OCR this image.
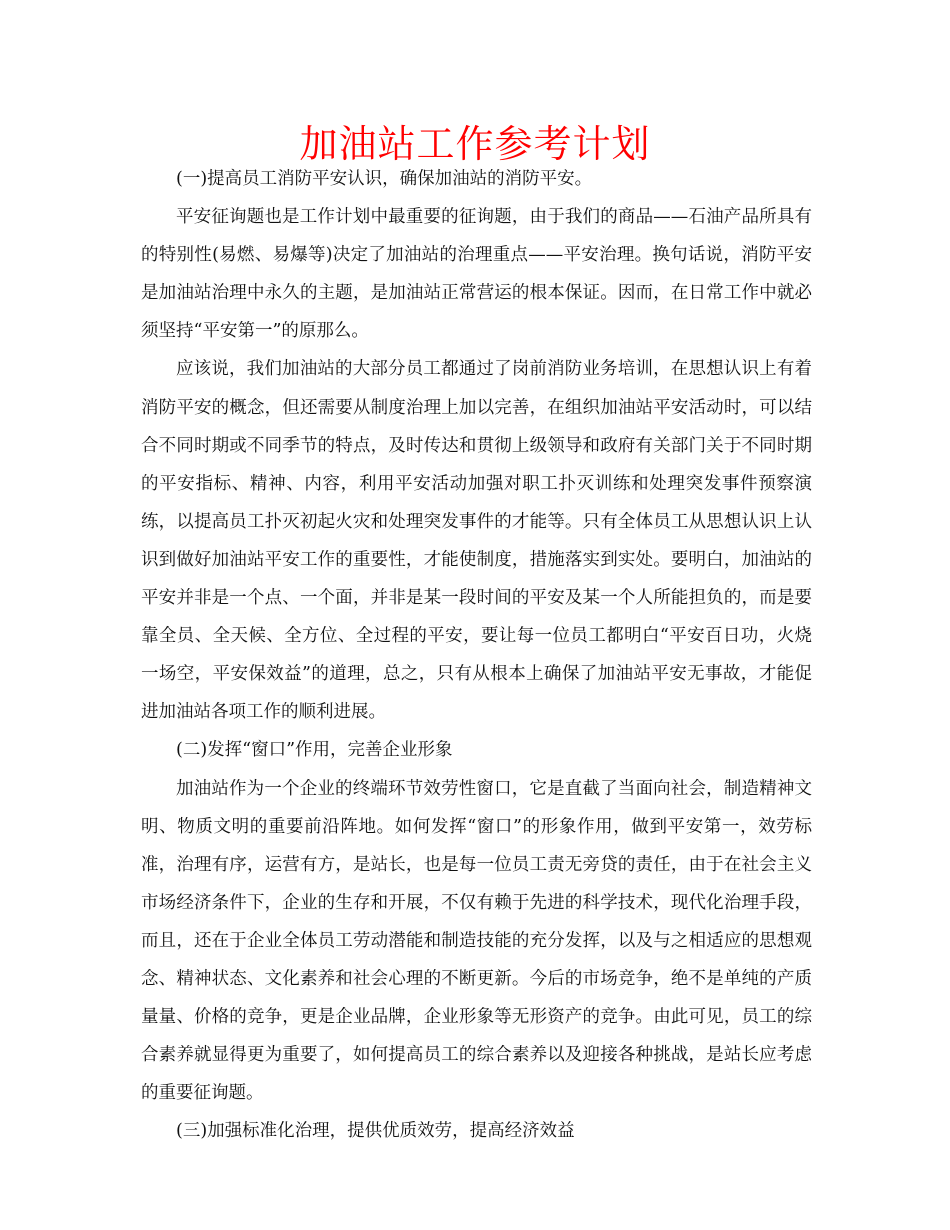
加油站工作参考计划

(一)提高员工消防平安认识，确保加油站的消防平安。

平安征询题也是工作计划中最重要的征询题，由于我们的商品——石油产品所具有的特别性(易燃、易爆等)决定了加油站的治理重点——平安治理。换句话说，消防平安是加油站治理中永久的主题，是加油站正常营运的根本保证。因而，在日常工作中就必须坚持“平安第一”的原那么。

应该说，我们加油站的大部分员工都通过了岗前消防业务培训，在思想认识上有着消防平安的概念，但还需要从制度治理上加以完善，在组织加油站平安活动时，可以结合不同时期或不同季节的特点，及时传达和贯彻上级领导和政府有关部门关于不同时期的平安指标、精神、内容，利用平安活动加强对职工扑灭训练和处理突发事件预察演练，以提高员工扑灭初起火灾和处理突发事件的才能等。只有全体员工从思想认识上认识到做好加油站平安工作的重要性，才能使制度，措施落实到实处。要明白，加油站的平安并非是一个点、一个面，并非是某一段时间的平安及某一个人所能担负的，而是要靠全员、全天候、全方位、全过程的平安，要让每一位员工都明白“平安百日功，火烧一场空，平安保效益”的道理，总之，只有从根本上确保了加油站平安无事故，才能促进加油站各项工作的顺利进展。

(二)发挥“窗口”作用，完善企业形象

加油站作为一个企业的终端环节效劳性窗口，它是直截了当面向社会，制造精神文明、物质文明的重要前沿阵地。如何发挥“窗口”的形象作用，做到平安第一，效劳标准，治理有序，运营有方，是站长，也是每一位员工责无旁贷的责任，由于在社会主义市场经济条件下，企业的生存和开展，不仅有赖于先进的科学技术，现代化治理手段，而且，还在于企业全体员工劳动潜能和制造技能的充分发挥，以及与之相适应的思想观念、精神状态、文化素养和社会心理的不断更新。今后的市场竞争，绝不是单纯的产质量量、价格的竞争，更是企业品牌，企业形象等无形资产的竞争。由此可见，员工的综合素养就显得更为重要了，如何提高员工的综合素养以及迎接各种挑战，是站长应考虑的重要征询题。

(三)加强标准化治理，提供优质效劳，提高经济效益
